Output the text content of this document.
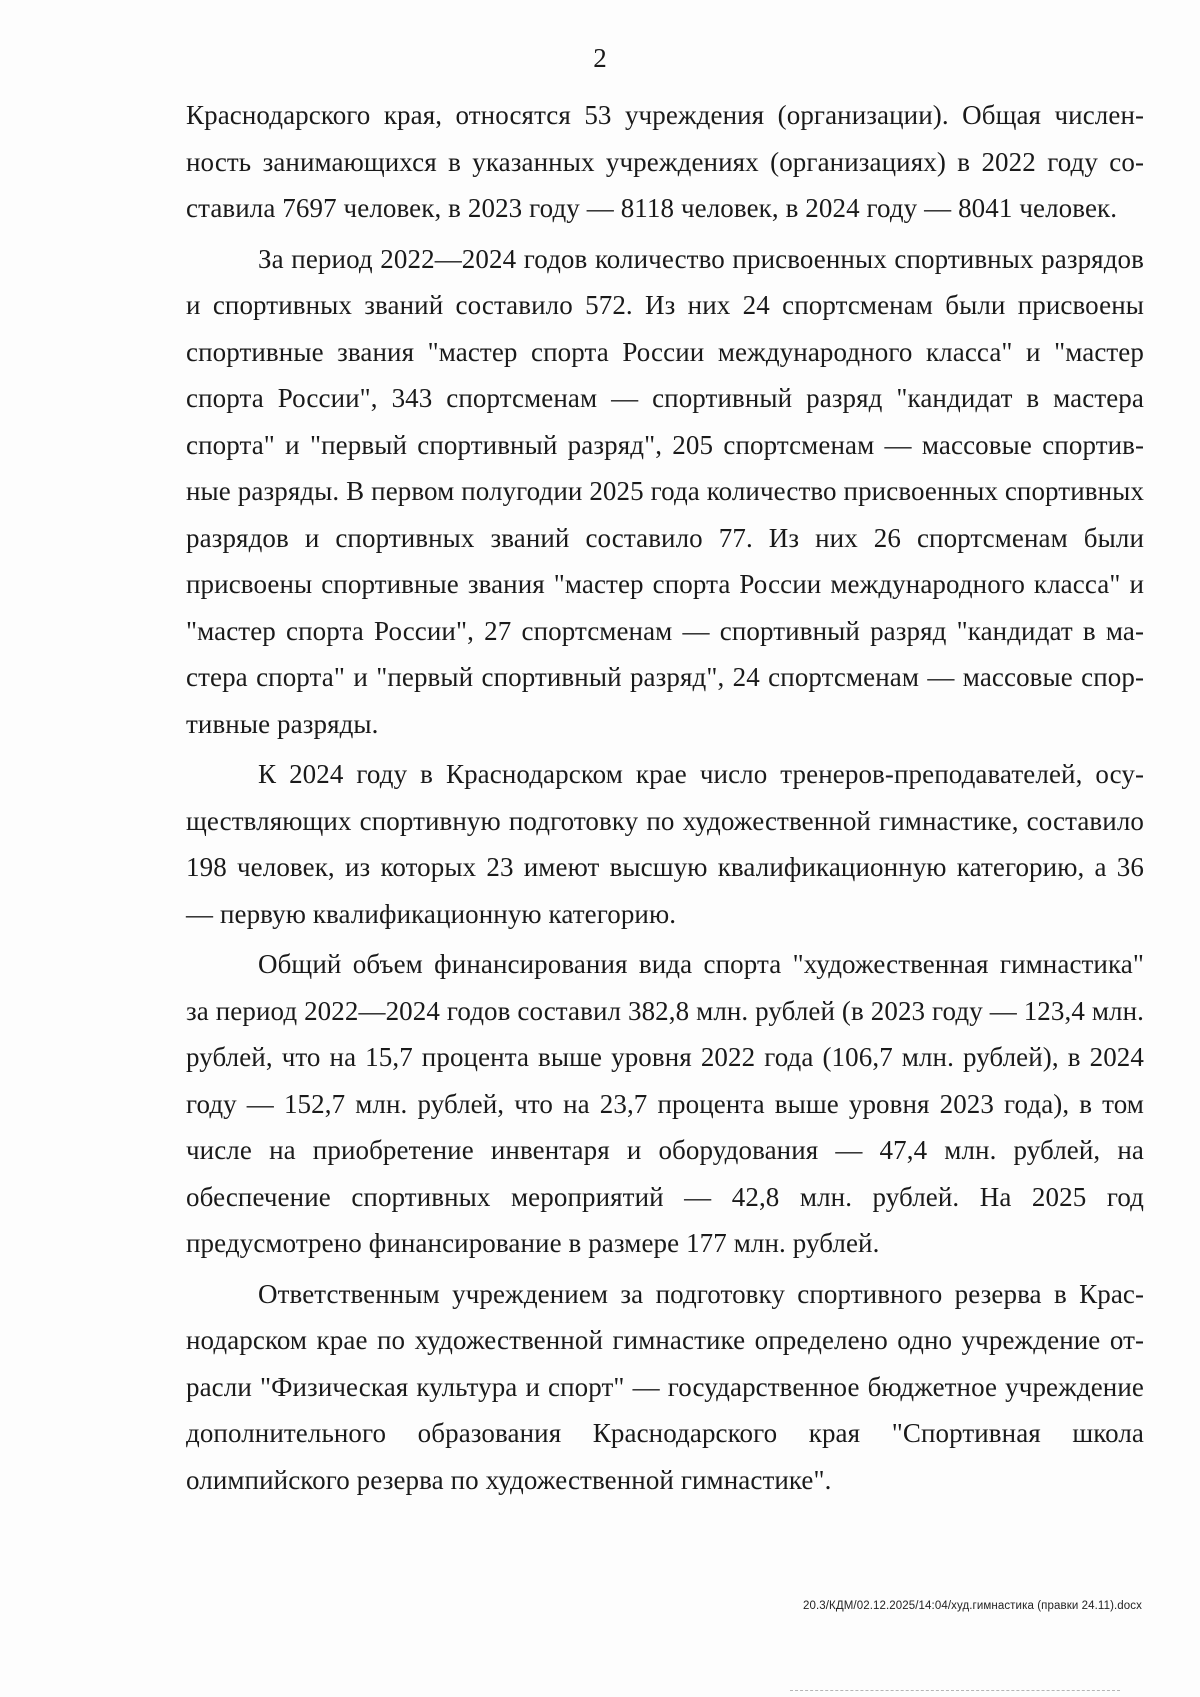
2

Краснодарского края, относятся 53 учреждения (организации). Общая численность занимающихся в указанных учреждениях (организациях) в 2022 году составила 7697 человек, в 2023 году — 8118 человек, в 2024 году — 8041 человек.

За период 2022—2024 годов количество присвоенных спортивных разрядов и спортивных званий составило 572. Из них 24 спортсменам были присвоены спортивные звания "мастер спорта России международного класса" и "мастер спорта России", 343 спортсменам — спортивный разряд "кандидат в мастера спорта" и "первый спортивный разряд", 205 спортсменам — массовые спортивные разряды. В первом полугодии 2025 года количество присвоенных спортивных разрядов и спортивных званий составило 77. Из них 26 спортсменам были присвоены спортивные звания "мастер спорта России международного класса" и "мастер спорта России", 27 спортсменам — спортивный разряд "кандидат в мастера спорта" и "первый спортивный разряд", 24 спортсменам — массовые спортивные разряды.

К 2024 году в Краснодарском крае число тренеров-преподавателей, осуществляющих спортивную подготовку по художественной гимнастике, составило 198 человек, из которых 23 имеют высшую квалификационную категорию, а 36 — первую квалификационную категорию.

Общий объем финансирования вида спорта "художественная гимнастика" за период 2022—2024 годов составил 382,8 млн. рублей (в 2023 году — 123,4 млн. рублей, что на 15,7 процента выше уровня 2022 года (106,7 млн. рублей), в 2024 году — 152,7 млн. рублей, что на 23,7 процента выше уровня 2023 года), в том числе на приобретение инвентаря и оборудования — 47,4 млн. рублей, на обеспечение спортивных мероприятий — 42,8 млн. рублей. На 2025 год предусмотрено финансирование в размере 177 млн. рублей.

Ответственным учреждением за подготовку спортивного резерва в Краснодарском крае по художественной гимнастике определено одно учреждение отрасли "Физическая культура и спорт" — государственное бюджетное учреждение дополнительного образования Краснодарского края "Спортивная школа олимпийского резерва по художественной гимнастике".

20.3/КДМ/02.12.2025/14:04/худ.гимнастика (правки 24.11).docx
